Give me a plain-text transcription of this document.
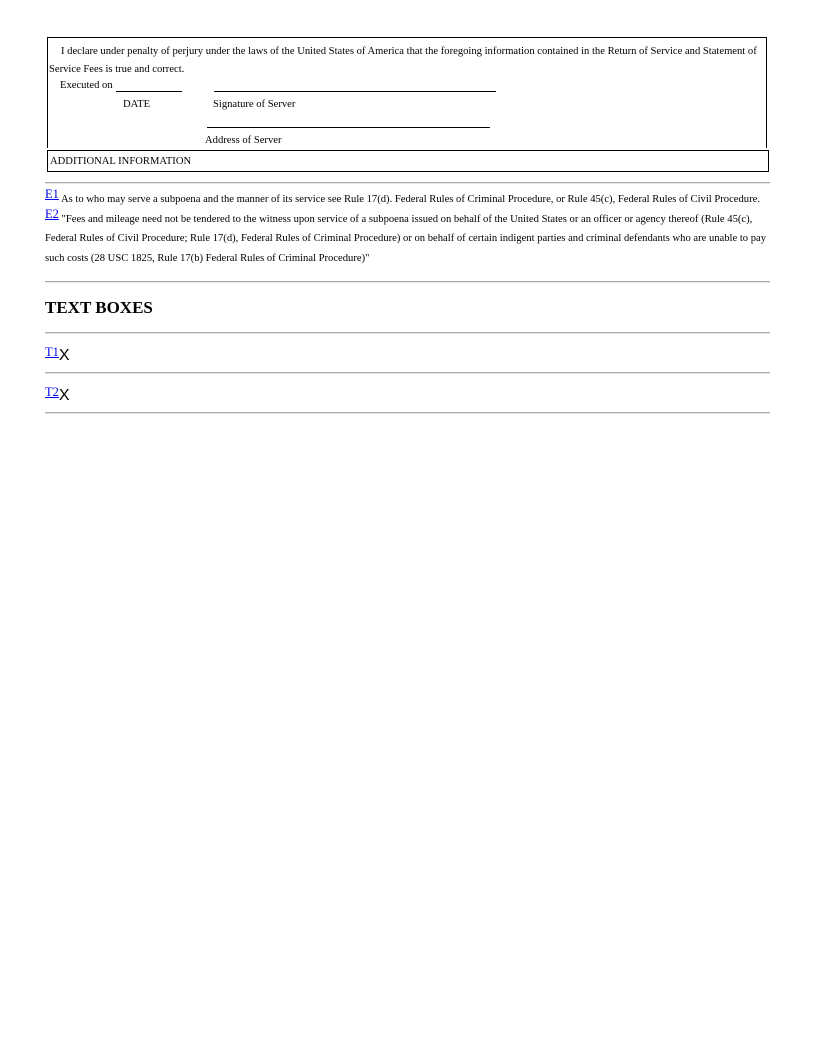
I declare under penalty of perjury under the laws of the United States of America that the foregoing information contained in the Return of Service and Statement of Service Fees is true and correct.
Executed on
DATE	Signature of Server
Address of Server
ADDITIONAL INFORMATION

E1 As to who may serve a subpoena and the manner of its service see Rule 17(d). Federal Rules of Criminal Procedure, or Rule 45(c), Federal Rules of Civil Procedure.

E2 "Fees and mileage need not be tendered to the witness upon service of a subpoena issued on behalf of the United States or an officer or agency thereof (Rule 45(c), Federal Rules of Civil Procedure; Rule 17(d), Federal Rules of Criminal Procedure) or on behalf of certain indigent parties and criminal defendants who are unable to pay such costs (28 USC 1825, Rule 17(b) Federal Rules of Criminal Procedure)"

TEXT BOXES
$^{T1}$X
$^{T2}$X
